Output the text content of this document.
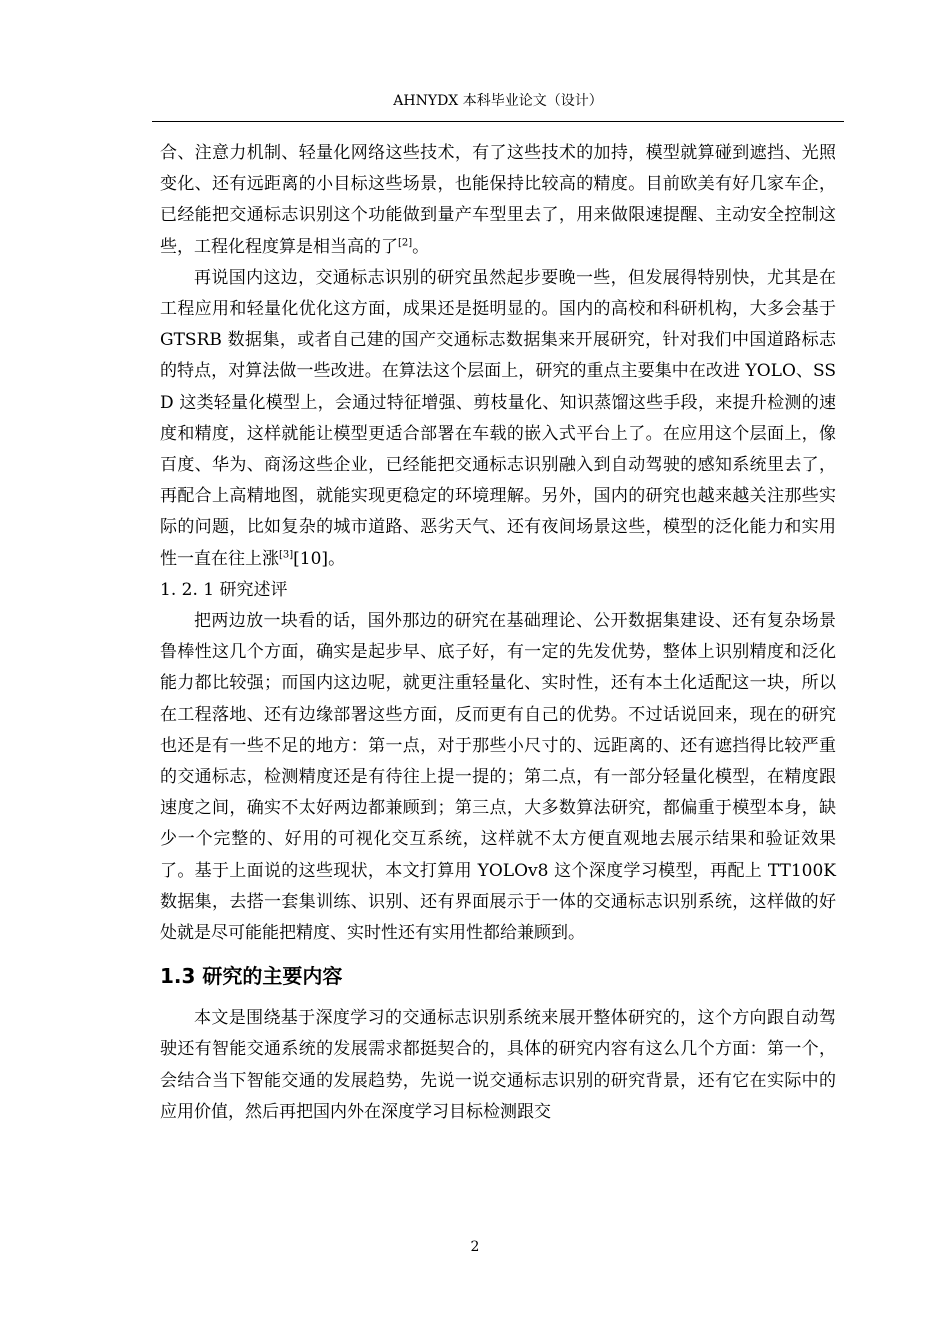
AHNYDX 本科毕业论文（设计）

合、注意力机制、轻量化网络这些技术，有了这些技术的加持，模型就算碰到遮挡、光照变化、还有远距离的小目标这些场景，也能保持比较高的精度。目前欧美有好几家车企，已经能把交通标志识别这个功能做到量产车型里去了，用来做限速提醒、主动安全控制这些，工程化程度算是相当高的了[2]。

再说国内这边，交通标志识别的研究虽然起步要晚一些，但发展得特别快，尤其是在工程应用和轻量化优化这方面，成果还是挺明显的。国内的高校和科研机构，大多会基于 GTSRB 数据集，或者自己建的国产交通标志数据集来开展研究，针对我们中国道路标志的特点，对算法做一些改进。在算法这个层面上，研究的重点主要集中在改进 YOLO、SSD 这类轻量化模型上，会通过特征增强、剪枝量化、知识蒸馏这些手段，来提升检测的速度和精度，这样就能让模型更适合部署在车载的嵌入式平台上了。在应用这个层面上，像百度、华为、商汤这些企业，已经能把交通标志识别融入到自动驾驶的感知系统里去了，再配合上高精地图，就能实现更稳定的环境理解。另外，国内的研究也越来越关注那些实际的问题，比如复杂的城市道路、恶劣天气、还有夜间场景这些，模型的泛化能力和实用性一直在往上涨[3][10]。

1. 2. 1 研究述评

把两边放一块看的话，国外那边的研究在基础理论、公开数据集建设、还有复杂场景鲁棒性这几个方面，确实是起步早、底子好，有一定的先发优势，整体上识别精度和泛化能力都比较强；而国内这边呢，就更注重轻量化、实时性，还有本土化适配这一块，所以在工程落地、还有边缘部署这些方面，反而更有自己的优势。不过话说回来，现在的研究也还是有一些不足的地方：第一点，对于那些小尺寸的、远距离的、还有遮挡得比较严重的交通标志，检测精度还是有待往上提一提的；第二点，有一部分轻量化模型，在精度跟速度之间，确实不太好两边都兼顾到；第三点，大多数算法研究，都偏重于模型本身，缺少一个完整的、好用的可视化交互系统，这样就不太方便直观地去展示结果和验证效果了。基于上面说的这些现状，本文打算用 YOLOv8 这个深度学习模型，再配上 TT100K 数据集，去搭一套集训练、识别、还有界面展示于一体的交通标志识别系统，这样做的好处就是尽可能能把精度、实时性还有实用性都给兼顾到。

1.3 研究的主要内容

本文是围绕基于深度学习的交通标志识别系统来展开整体研究的，这个方向跟自动驾驶还有智能交通系统的发展需求都挺契合的，具体的研究内容有这么几个方面：第一个，会结合当下智能交通的发展趋势，先说一说交通标志识别的研究背景，还有它在实际中的应用价值，然后再把国内外在深度学习目标检测跟交

2
